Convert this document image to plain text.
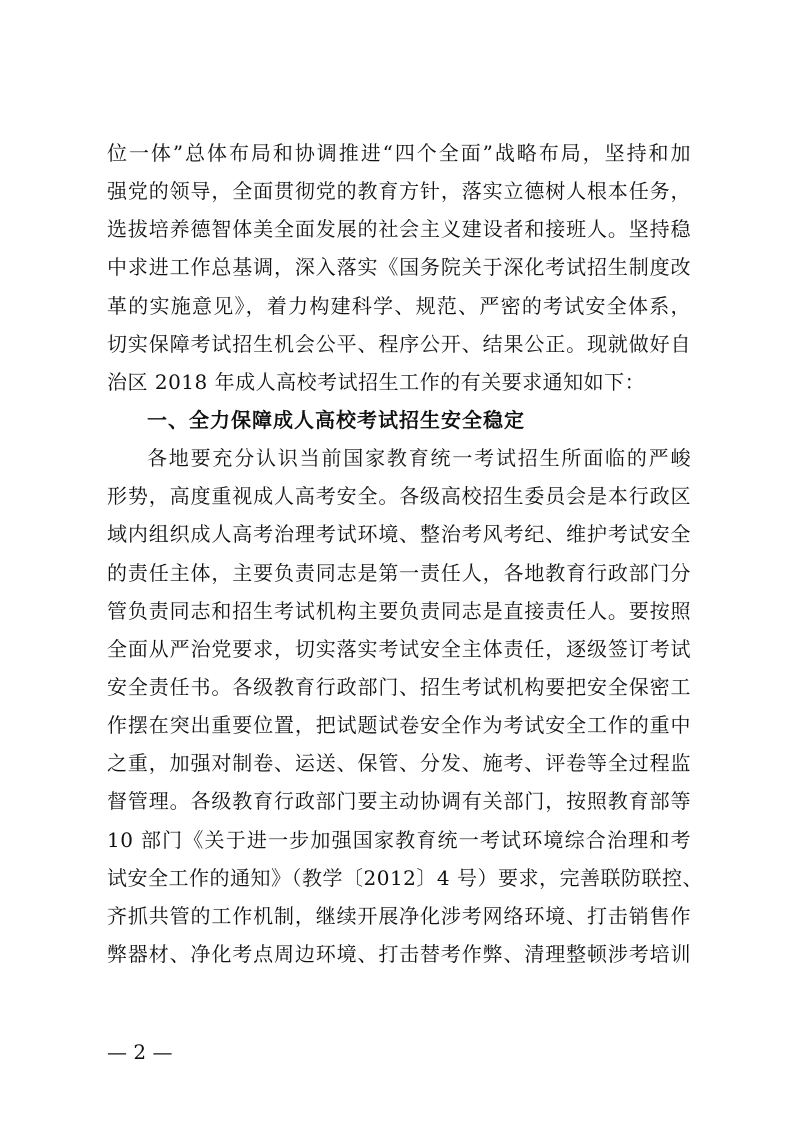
位一体”总体布局和协调推进“四个全面”战略布局，坚持和加
强党的领导，全面贯彻党的教育方针，落实立德树人根本任务，
选拔培养德智体美全面发展的社会主义建设者和接班人。坚持稳
中求进工作总基调，深入落实《国务院关于深化考试招生制度改
革的实施意见》，着力构建科学、规范、严密的考试安全体系，
切实保障考试招生机会公平、程序公开、结果公正。现就做好自
治区 2018 年成人高校考试招生工作的有关要求通知如下：
一、全力保障成人高校考试招生安全稳定
各地要充分认识当前国家教育统一考试招生所面临的严峻
形势，高度重视成人高考安全。各级高校招生委员会是本行政区
域内组织成人高考治理考试环境、整治考风考纪、维护考试安全
的责任主体，主要负责同志是第一责任人，各地教育行政部门分
管负责同志和招生考试机构主要负责同志是直接责任人。要按照
全面从严治党要求，切实落实考试安全主体责任，逐级签订考试
安全责任书。各级教育行政部门、招生考试机构要把安全保密工
作摆在突出重要位置，把试题试卷安全作为考试安全工作的重中
之重，加强对制卷、运送、保管、分发、施考、评卷等全过程监
督管理。各级教育行政部门要主动协调有关部门，按照教育部等
10 部门《关于进一步加强国家教育统一考试环境综合治理和考
试安全工作的通知》（教学〔2012〕4 号）要求，完善联防联控、
齐抓共管的工作机制，继续开展净化涉考网络环境、打击销售作
弊器材、净化考点周边环境、打击替考作弊、清理整顿涉考培训
— 2 —
